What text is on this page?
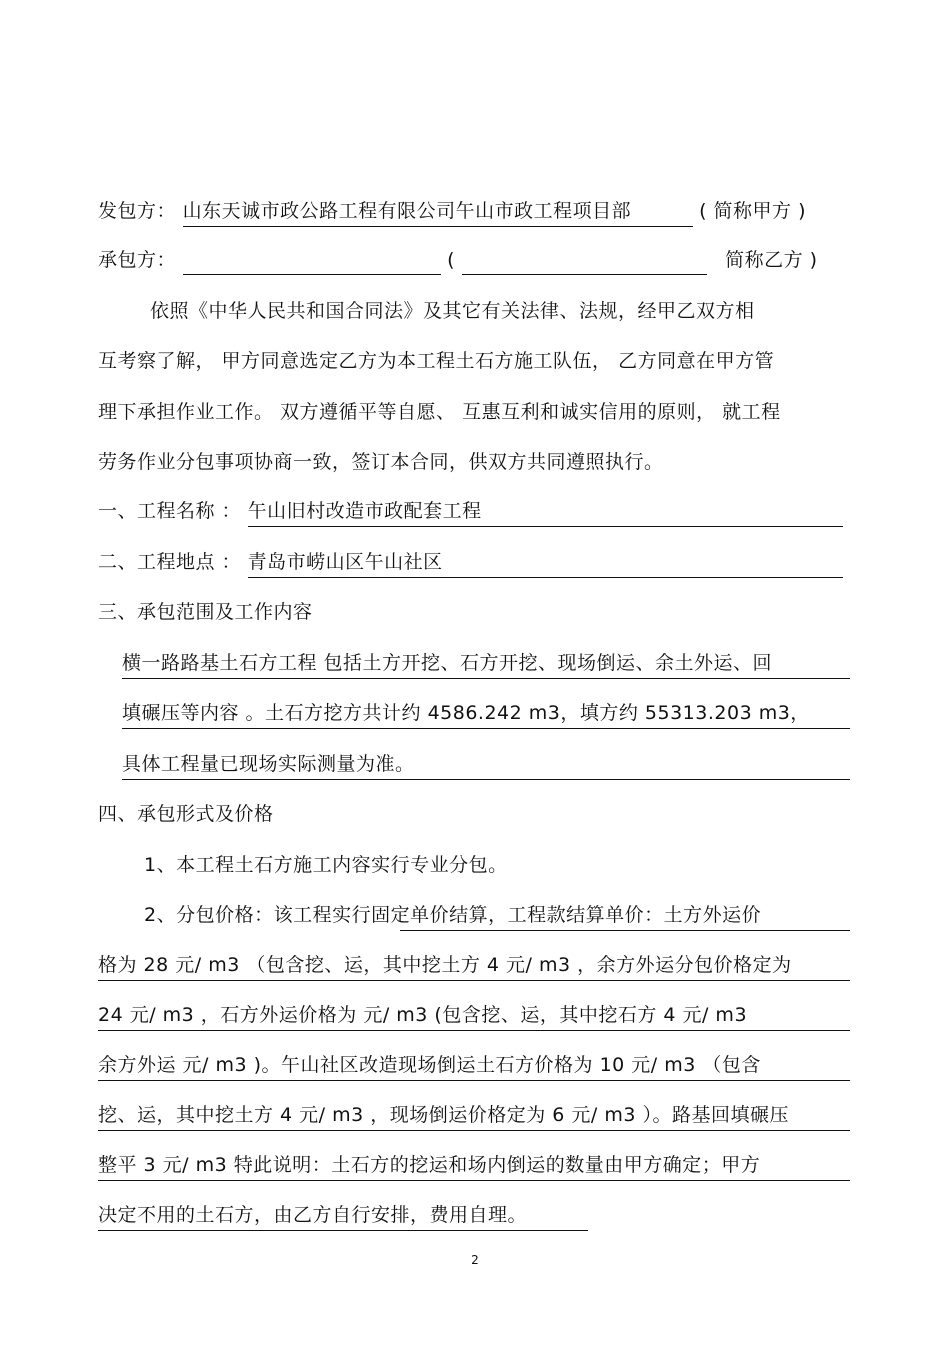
发包方： 山东天诚市政公路工程有限公司午山市政工程项目部	( 简称甲方 )
承包方：	(	简称乙方 )
依照《中华人民共和国合同法》及其它有关法律、法规，经甲乙双方相
互考察了解， 甲方同意选定乙方为本工程土石方施工队伍， 乙方同意在甲方管
理下承担作业工作。 双方遵循平等自愿、 互惠互利和诚实信用的原则， 就工程
劳务作业分包事项协商一致，签订本合同，供双方共同遵照执行。
一、工程名称 ： 午山旧村改造市政配套工程
二、工程地点 ： 青岛市崂山区午山社区
三、承包范围及工作内容
横一路路基土石方工程 包括土方开挖、石方开挖、现场倒运、余土外运、回
填碾压等内容 。土石方挖方共计约 4586.242 m3，填方约 55313.203 m3，
具体工程量已现场实际测量为准。
四、承包形式及价格
1、本工程土石方施工内容实行专业分包。
2、分包价格：该工程实行固定单价结算，工程款结算单价：土方外运价
格为 28 元/ m3 （包含挖、运，其中挖土方 4 元/ m3 ，余方外运分包价格定为
24 元/ m3 ，石方外运价格为 元/ m3 (包含挖、运，其中挖石方 4 元/ m3
余方外运 元/ m3 )。午山社区改造现场倒运土石方价格为 10 元/ m3 （包含
挖、运，其中挖土方 4 元/ m3 ，现场倒运价格定为 6 元/ m3 ）。路基回填碾压
整平 3 元/ m3 特此说明：土石方的挖运和场内倒运的数量由甲方确定；甲方
决定不用的土石方，由乙方自行安排，费用自理。
2
